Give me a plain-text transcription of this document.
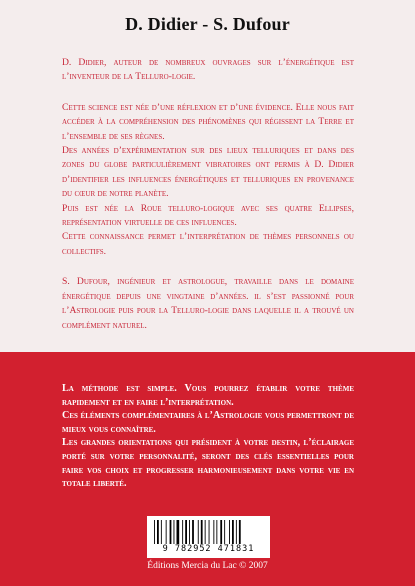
D. Didier - S. Dufour

D. Didier, auteur de nombreux ouvrages sur l’énergétique est l’inventeur de la Telluro-logie.

Cette science est née d’une réflexion et d’une évidence. Elle nous fait accéder à la compréhension des phénomènes qui régissent la Terre et l’ensemble de ses règnes.

Des années d’expérimentation sur des lieux telluriques et dans des zones du globe particulièrement vibratoires ont permis à D. Didier d’identifier les influences énergétiques et telluriques en provenance du cœur de notre planète.

Puis est née la Roue telluro-logique avec ses quatre Ellipses, représentation virtuelle de ces influences.

Cette connaissance permet l’interprétation de thèmes personnels ou collectifs.

S. Dufour, ingénieur et astrologue, travaille dans le domaine énergétique depuis une vingtaine d’années. il s’est passionné pour l’Astrologie puis pour la Telluro-logie dans laquelle il a trouvé un complément naturel.

La méthode est simple. Vous pourrez établir votre thème rapidement et en faire l’interprétation.

Ces éléments complémentaires à l’Astrologie vous permettront de mieux vous connaître.

Les grandes orientations qui président à votre destin, l’éclairage porté sur votre personnalité, seront des clés essentielles pour faire vos choix et progresser harmonieusement dans votre vie en totale liberté.

9 782952 471831
Éditions Mercia du Lac © 2007
